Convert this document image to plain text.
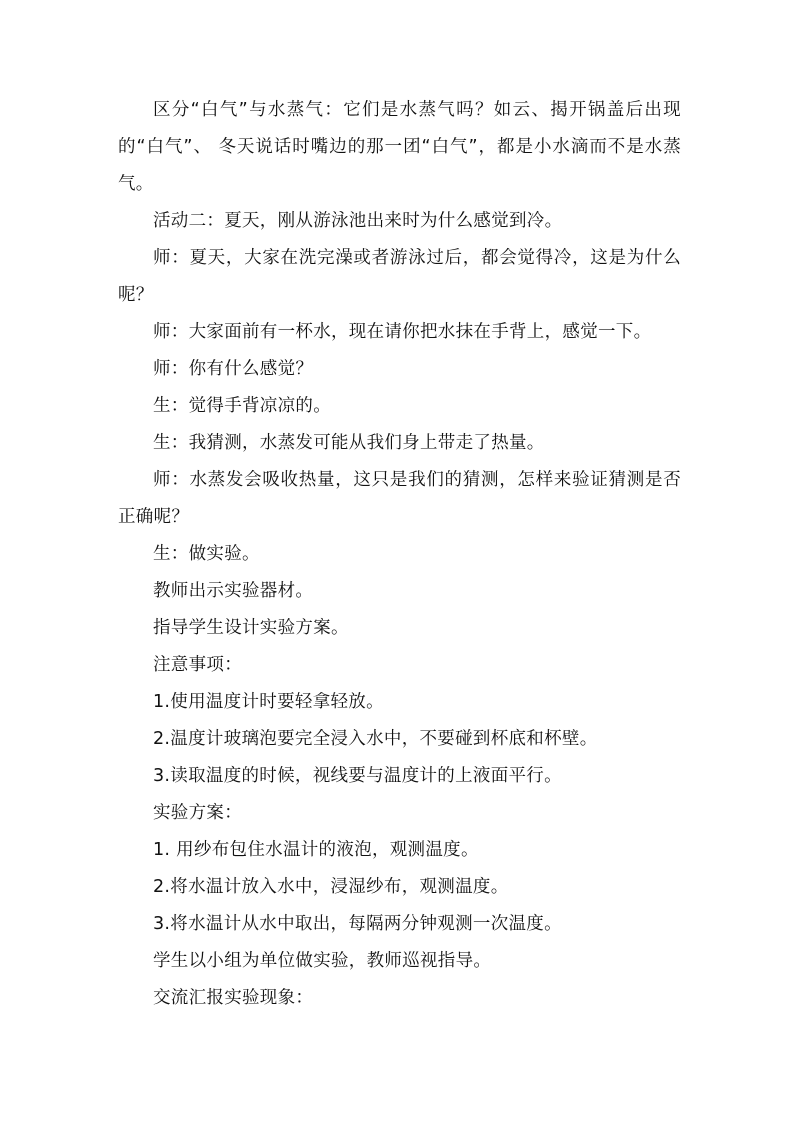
区分“白气”与水蒸气：它们是水蒸气吗？如云、揭开锅盖后出现的“白气”、 冬天说话时嘴边的那一团“白气”，都是小水滴而不是水蒸气。

活动二：夏天，刚从游泳池出来时为什么感觉到冷。

师：夏天，大家在洗完澡或者游泳过后，都会觉得冷，这是为什么呢？

师：大家面前有一杯水，现在请你把水抹在手背上，感觉一下。

师：你有什么感觉？

生：觉得手背凉凉的。

生：我猜测，水蒸发可能从我们身上带走了热量。

师：水蒸发会吸收热量，这只是我们的猜测，怎样来验证猜测是否正确呢？

生：做实验。

教师出示实验器材。

指导学生设计实验方案。

注意事项：

1.使用温度计时要轻拿轻放。

2.温度计玻璃泡要完全浸入水中，不要碰到杯底和杯壁。

3.读取温度的时候，视线要与温度计的上液面平行。

实验方案：

1. 用纱布包住水温计的液泡，观测温度。

2.将水温计放入水中，浸湿纱布，观测温度。

3.将水温计从水中取出，每隔两分钟观测一次温度。

学生以小组为单位做实验，教师巡视指导。

交流汇报实验现象：
